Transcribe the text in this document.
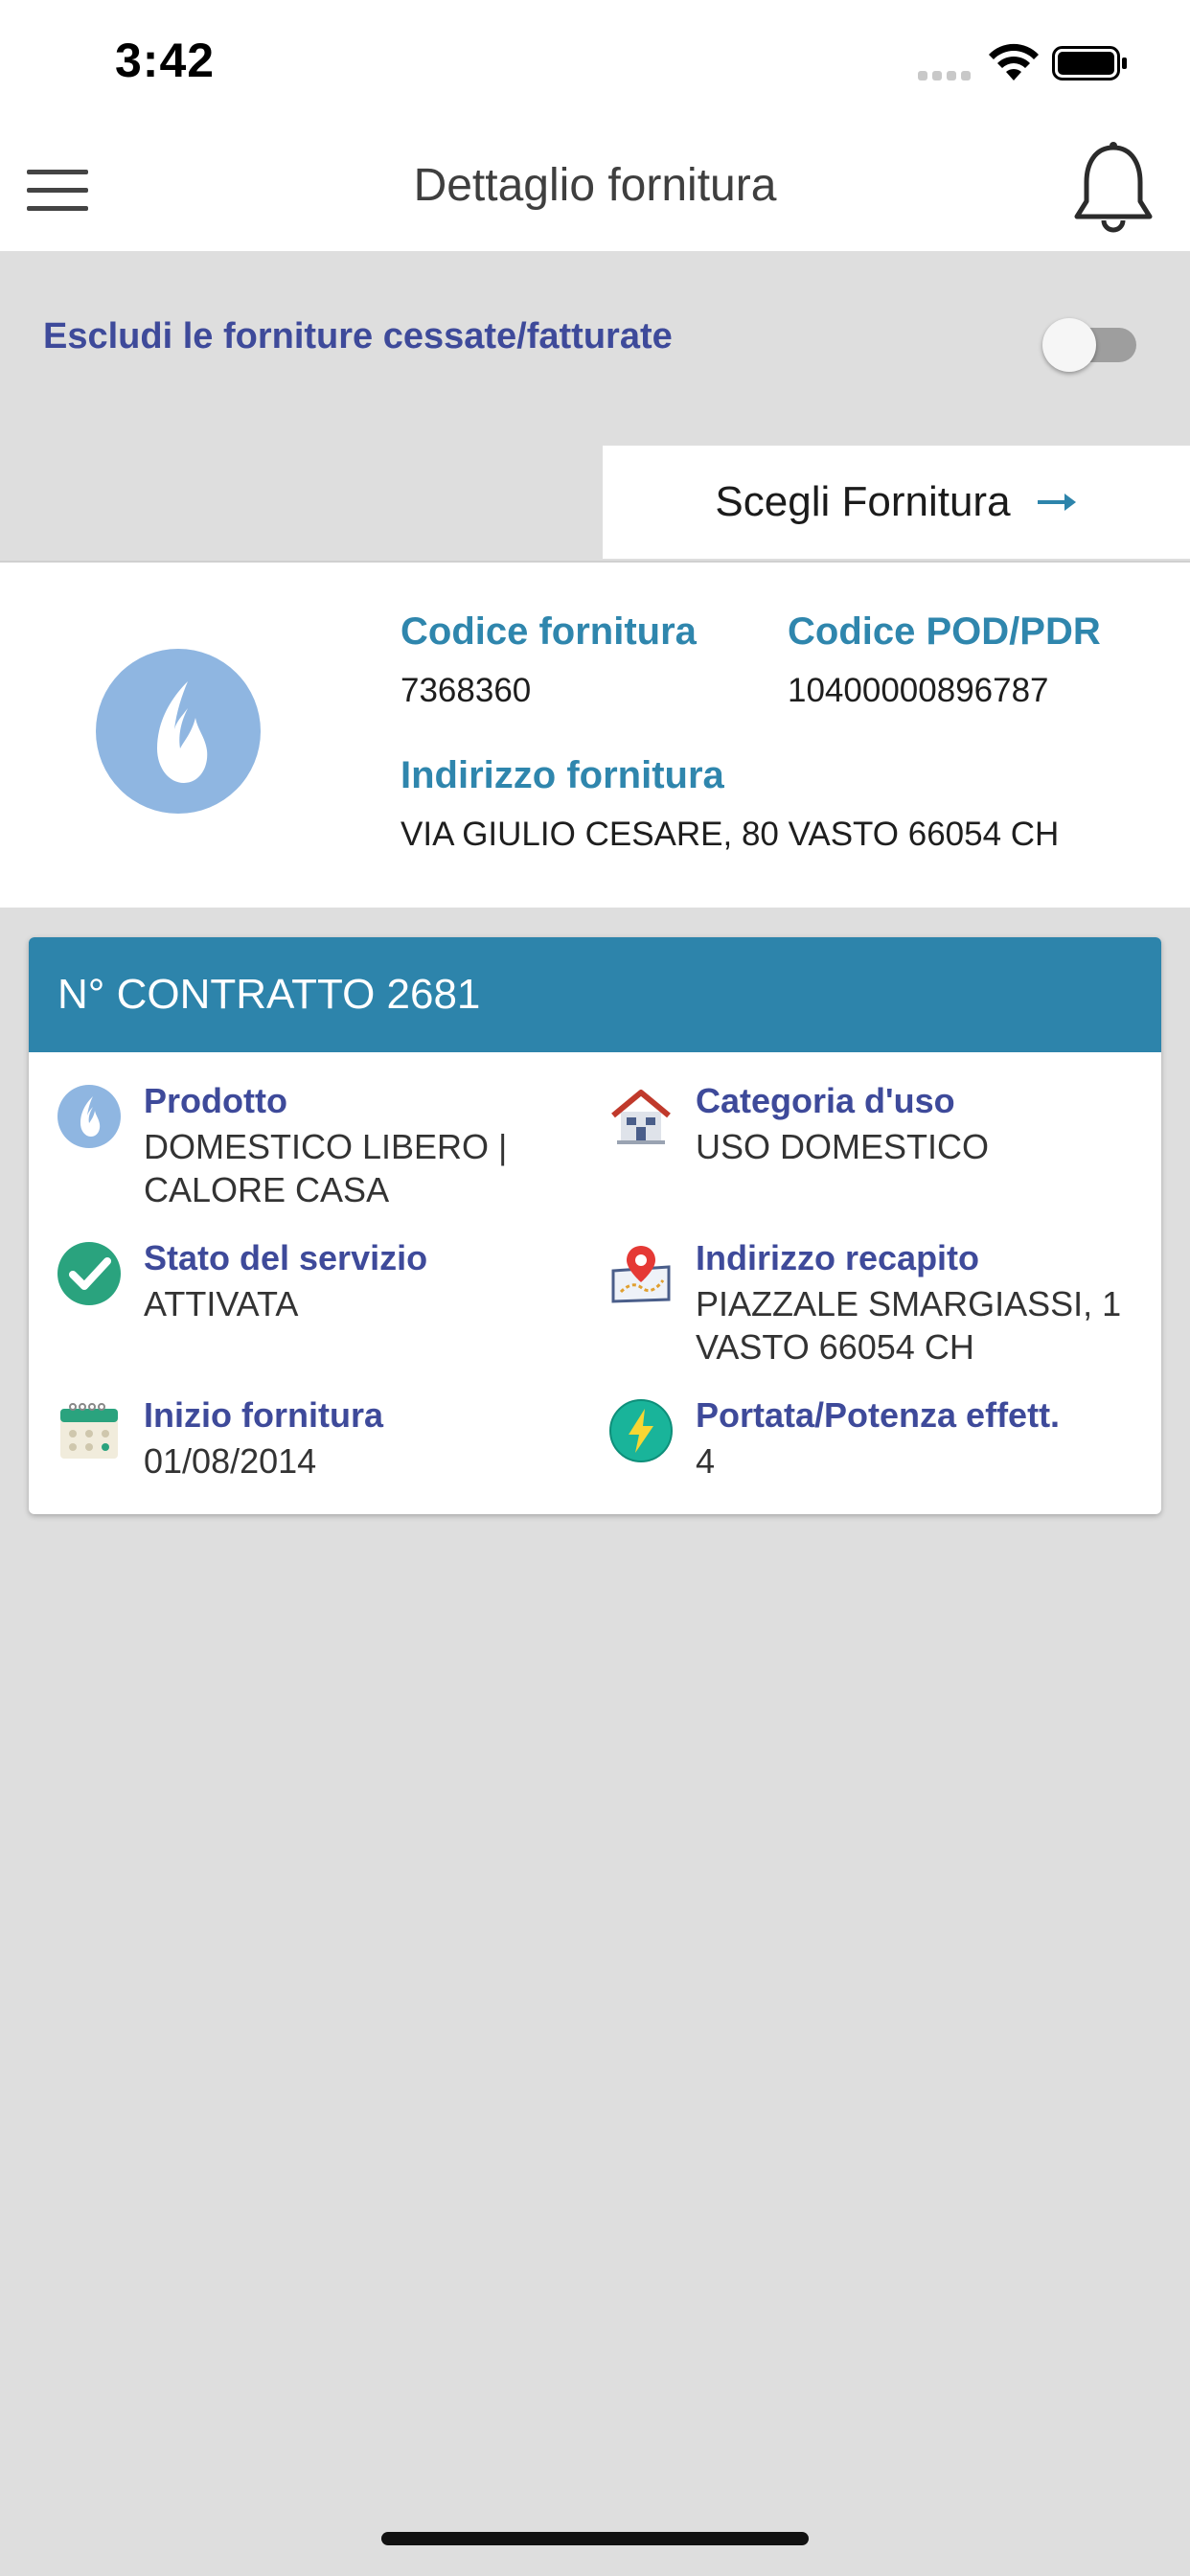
3:42
Dettaglio fornitura
Escludi le forniture cessate/fatturate
Scegli Fornitura
Codice fornitura
7368360
Codice POD/PDR
10400000896787
Indirizzo fornitura
VIA GIULIO CESARE, 80 VASTO 66054 CH
N° CONTRATTO 2681
Prodotto
DOMESTICO LIBERO | CALORE CASA
Categoria d'uso
USO DOMESTICO
Stato del servizio
ATTIVATA
Indirizzo recapito
PIAZZALE SMARGIASSI, 1 VASTO 66054 CH
Inizio fornitura
01/08/2014
Portata/Potenza effett.
4
